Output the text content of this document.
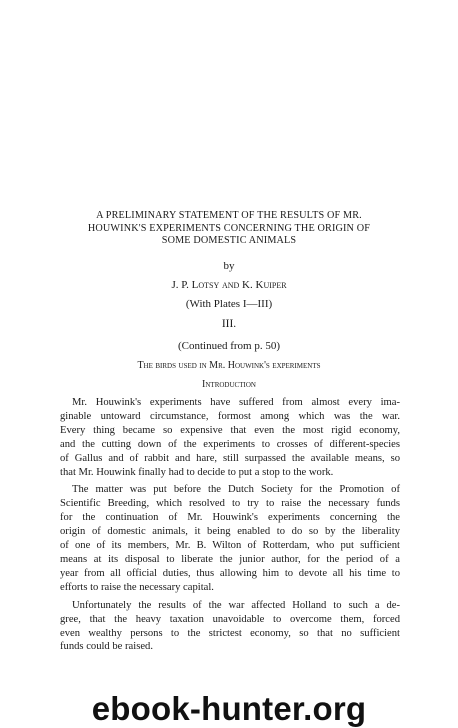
A PRELIMINARY STATEMENT OF THE RESULTS OF MR.
HOUWINK'S EXPERIMENTS CONCERNING THE ORIGIN OF
SOME DOMESTIC ANIMALS
by
J. P. Lotsy and K. Kuiper
(With Plates I—III)
III.
(Continued from p. 50)
The birds used in Mr. Houwink's experiments
Introduction

Mr. Houwink's experiments have suffered from almost every ima-
ginable untoward circumstance, formost among which was the war.
Every thing became so expensive that even the most rigid economy,
and the cutting down of the experiments to crosses of different-species
of Gallus and of rabbit and hare, still surpassed the available means, so
that Mr. Houwink finally had to decide to put a stop to the work.

The matter was put before the Dutch Society for the Promotion of
Scientific Breeding, which resolved to try to raise the necessary funds
for the continuation of Mr. Houwink's experiments concerning the
origin of domestic animals, it being enabled to do so by the liberality
of one of its members, Mr. B. Wilton of Rotterdam, who put sufficient
means at its disposal to liberate the junior author, for the period of a
year from all official duties, thus allowing him to devote all his time to
efforts to raise the necessary capital.

Unfortunately the results of the war affected Holland to such a de-
gree, that the heavy taxation unavoidable to overcome them, forced
even wealthy persons to the strictest economy, so that no sufficient
funds could be raised.

ebook-hunter.org
